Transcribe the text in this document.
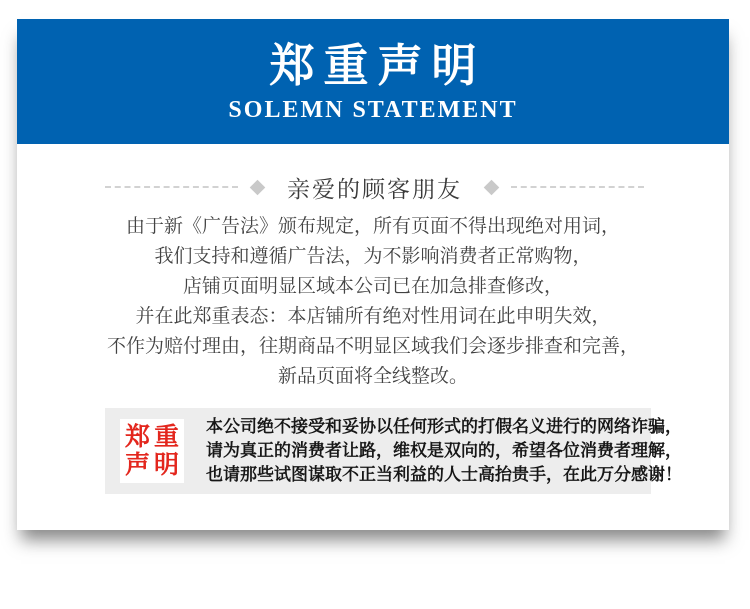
郑重声明
SOLEMN STATEMENT
亲爱的顾客朋友
由于新《广告法》颁布规定，所有页面不得出现绝对用词，
我们支持和遵循广告法，为不影响消费者正常购物，
店铺页面明显区域本公司已在加急排查修改，
并在此郑重表态：本店铺所有绝对性用词在此申明失效，
不作为赔付理由，往期商品不明显区域我们会逐步排查和完善，
新品页面将全线整改。
郑重
声明
本公司绝不接受和妥协以任何形式的打假名义进行的网络诈骗，
请为真正的消费者让路，维权是双向的，希望各位消费者理解，
也请那些试图谋取不正当利益的人士高抬贵手，在此万分感谢！
